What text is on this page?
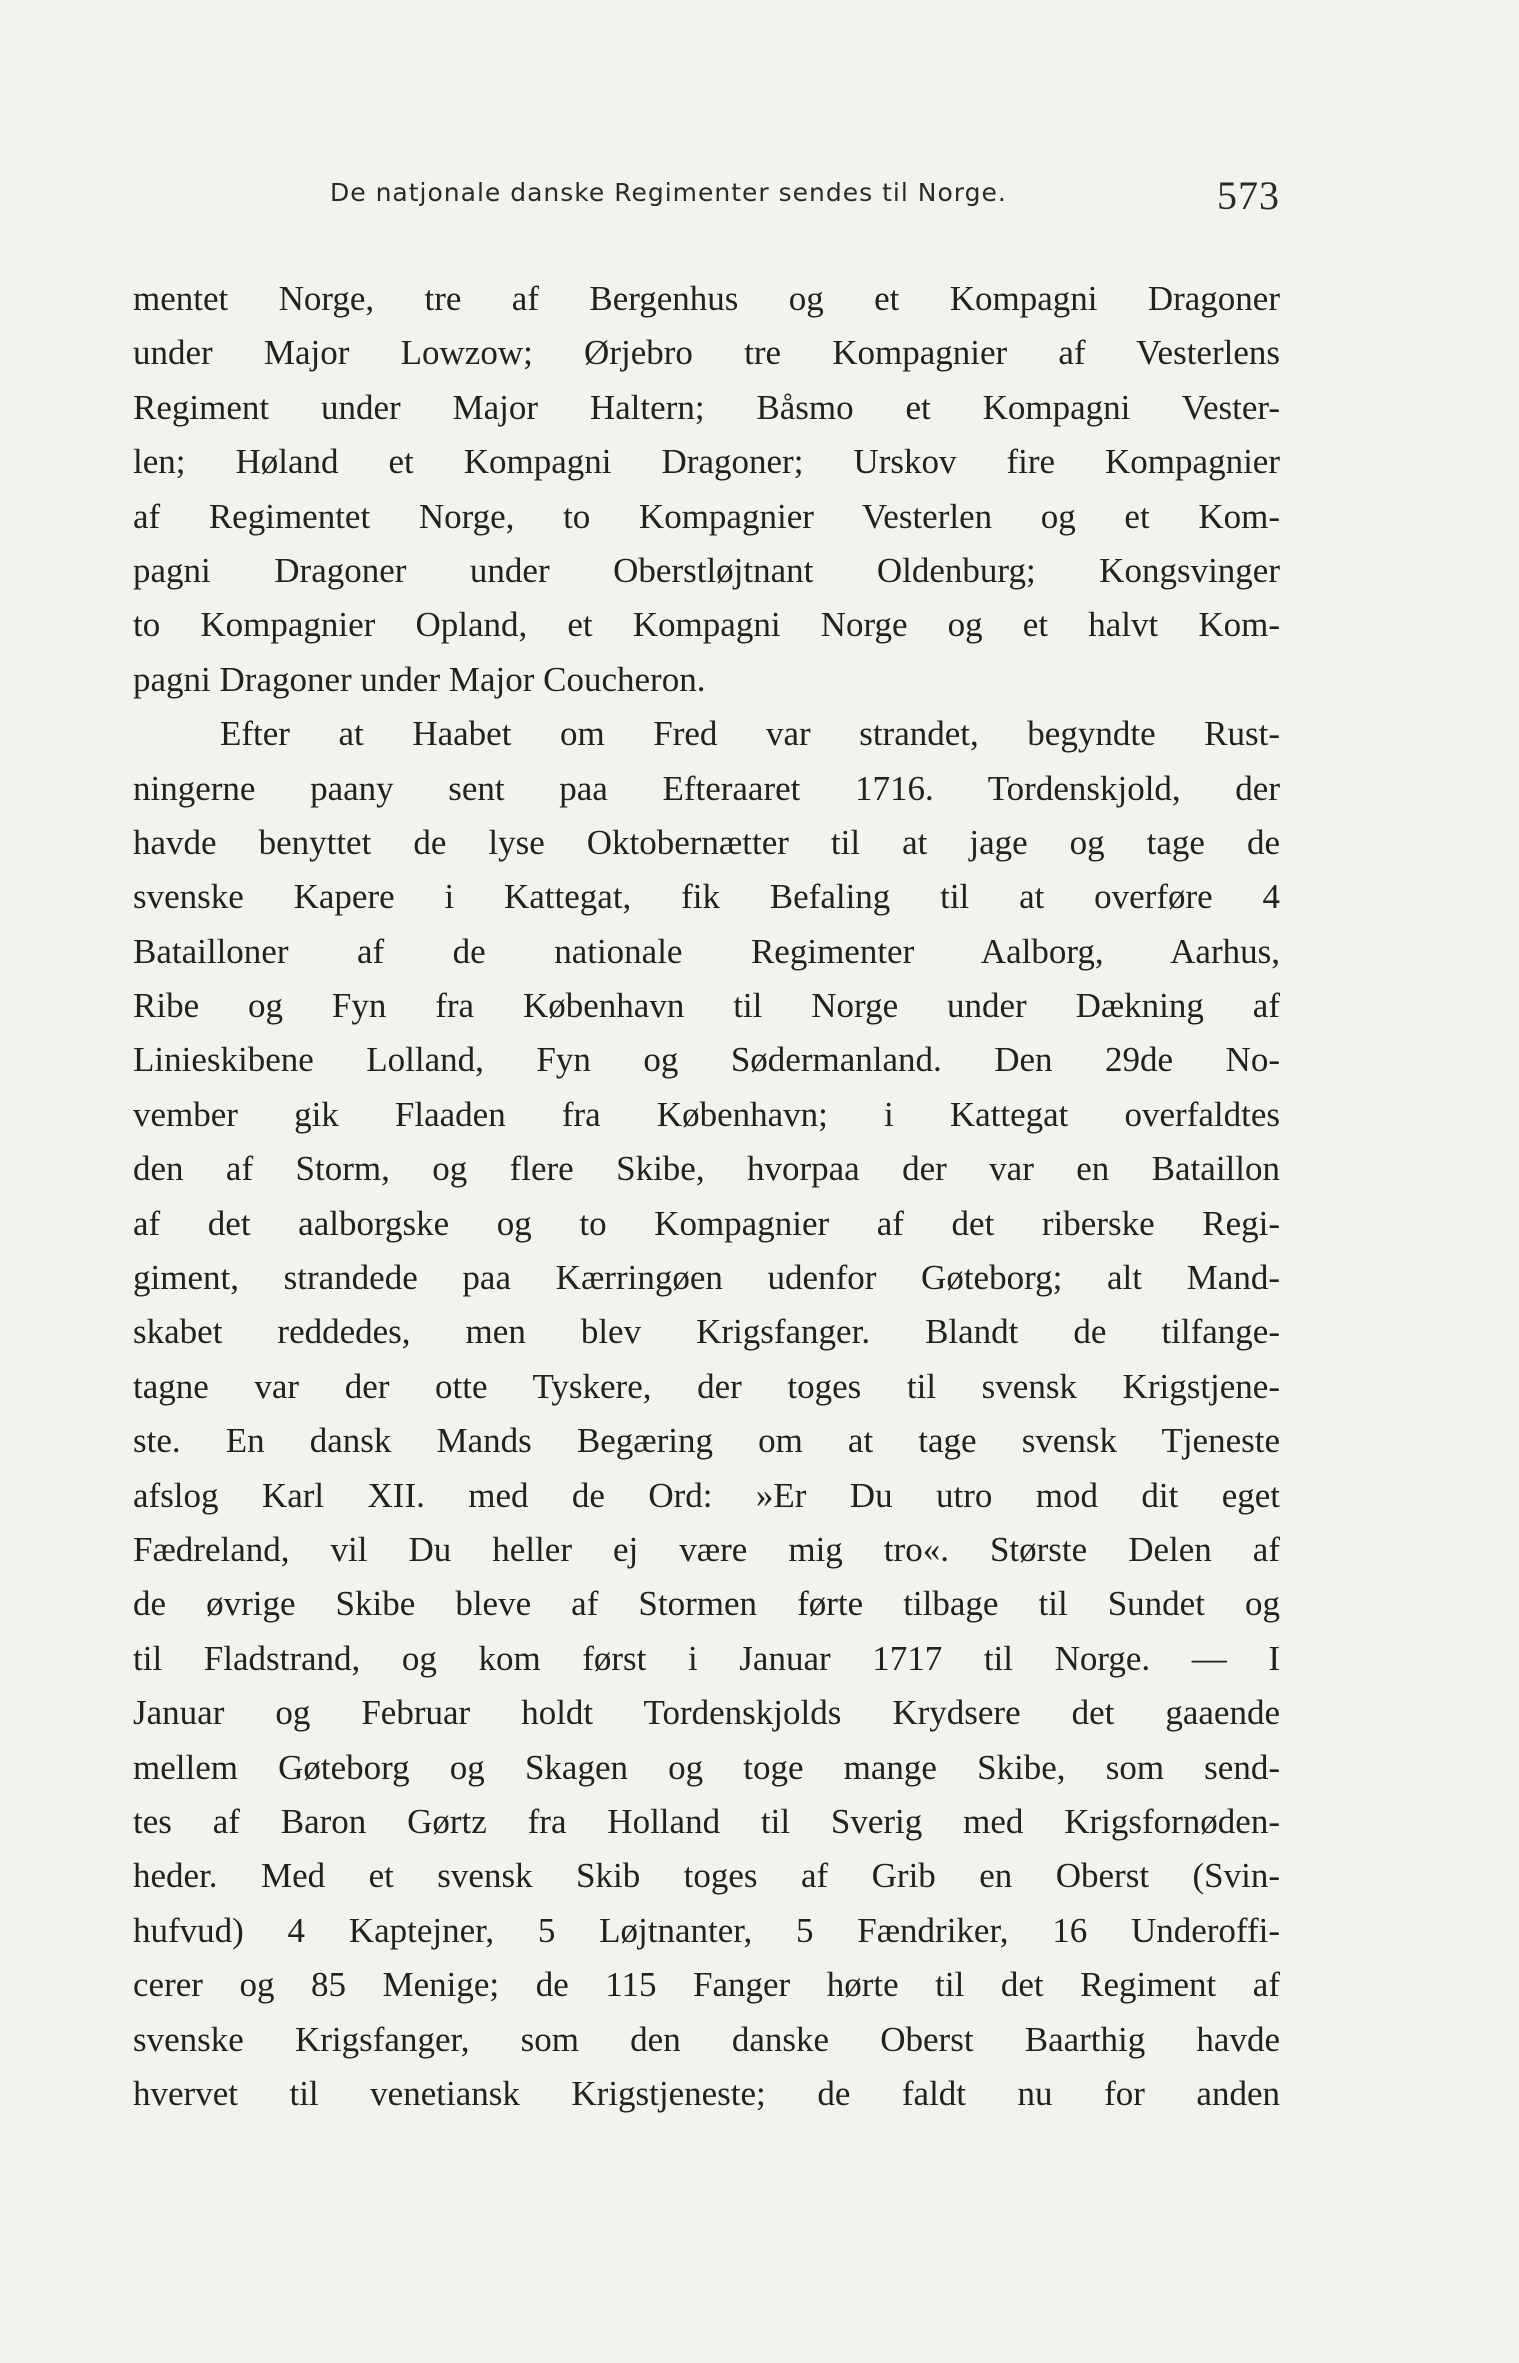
De natjonale danske Regimenter sendes til Norge.	573
mentet Norge, tre af Bergenhus og et Kompagni Dragoner
under Major Lowzow; Ørjebro tre Kompagnier af Vesterlens
Regiment under Major Haltern; Båsmo et Kompagni Vester-
len; Høland et Kompagni Dragoner; Urskov fire Kompagnier
af Regimentet Norge, to Kompagnier Vesterlen og et Kom-
pagni Dragoner under Oberstløjtnant Oldenburg; Kongsvinger
to Kompagnier Opland, et Kompagni Norge og et halvt Kom-
pagni Dragoner under Major Coucheron.
Efter at Haabet om Fred var strandet, begyndte Rust-
ningerne paany sent paa Efteraaret 1716. Tordenskjold, der
havde benyttet de lyse Oktobernætter til at jage og tage de
svenske Kapere i Kattegat, fik Befaling til at overføre 4
Bataillоner af de nationale Regimenter Aalborg, Aarhus,
Ribe og Fyn fra København til Norge under Dækning af
Linieskibene Lolland, Fyn og Sødermanland. Den 29de No-
vember gik Flaaden fra København; i Kattegat overfaldtes
den af Storm, og flere Skibe, hvorpaa der var en Bataillon
af det aalborgske og to Kompagnier af det riberske Regi-
giment, strandede paa Kærringøen udenfor Gøteborg; alt Mand-
skabet reddedes, men blev Krigsfanger. Blandt de tilfange-
tagne var der otte Tyskere, der toges til svensk Krigstjene-
ste. En dansk Mands Begæring om at tage svensk Tjeneste
afslog Karl XII. med de Ord: »Er Du utro mod dit eget
Fædreland, vil Du heller ej være mig tro«. Største Delen af
de øvrige Skibe bleve af Stormen førte tilbage til Sundet og
til Fladstrand, og kom først i Januar 1717 til Norge. — I
Januar og Februar holdt Tordenskjolds Krydsere det gaaende
mellem Gøteborg og Skagen og toge mange Skibe, som send-
tes af Baron Gørtz fra Holland til Sverig med Krigsfornøden-
heder. Med et svensk Skib toges af Grib en Oberst (Svin-
hufvud) 4 Kaptejner, 5 Løjtnanter, 5 Fændriker, 16 Underoffi-
cerer og 85 Menige; de 115 Fanger hørte til det Regiment af
svenske Krigsfanger, som den danske Oberst Baarthig havde
hvervet til venetiansk Krigstjeneste; de faldt nu for anden
